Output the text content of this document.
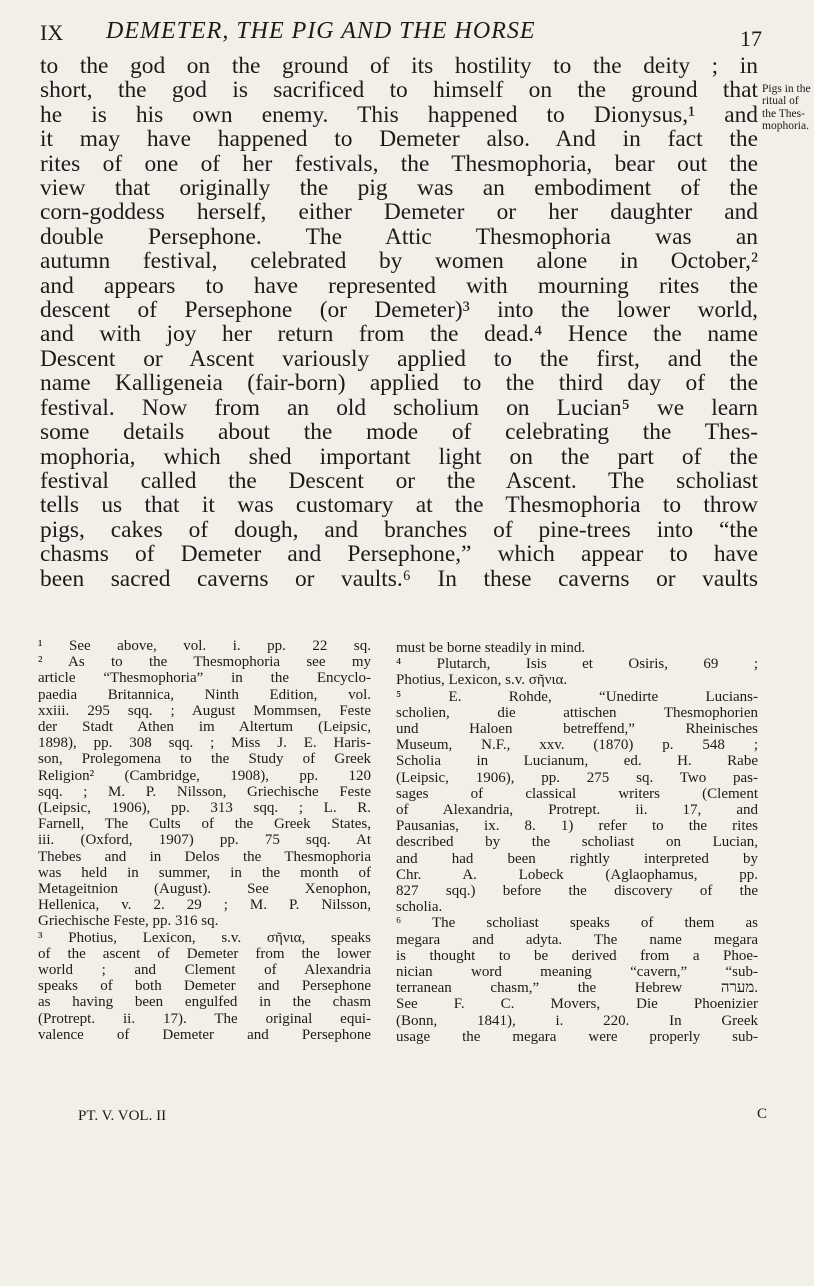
IX DEMETER, THE PIG AND THE HORSE	17
to the god on the ground of its hostility to the deity ; in
short, the god is sacrificed to himself on the ground that
he is his own enemy. This happened to Dionysus,¹ and
it may have happened to Demeter also. And in fact the
rites of one of her festivals, the Thesmophoria, bear out the
view that originally the pig was an embodiment of the
corn-goddess herself, either Demeter or her daughter and
double Persephone. The Attic Thesmophoria was an
autumn festival, celebrated by women alone in October,²
and appears to have represented with mourning rites the
descent of Persephone (or Demeter)³ into the lower world,
and with joy her return from the dead.⁴ Hence the name
Descent or Ascent variously applied to the first, and the
name Kalligeneia (fair-born) applied to the third day of the
festival. Now from an old scholium on Lucian⁵ we learn
some details about the mode of celebrating the Thes-
mophoria, which shed important light on the part of the
festival called the Descent or the Ascent. The scholiast
tells us that it was customary at the Thesmophoria to throw
pigs, cakes of dough, and branches of pine-trees into “the
chasms of Demeter and Persephone,” which appear to have
been sacred caverns or vaults.⁶ In these caverns or vaults
Pigs in the
ritual of
the Thes-
mophoria.
¹ See above, vol. i. pp. 22 sq.
² As to the Thesmophoria see my
article “Thesmophoria” in the Encyclo-
paedia Britannica, Ninth Edition, vol.
xxiii. 295 sqq. ; August Mommsen, Feste
der Stadt Athen im Altertum (Leipsic,
1898), pp. 308 sqq. ; Miss J. E. Haris-
son, Prolegomena to the Study of Greek
Religion² (Cambridge, 1908), pp. 120
sqq. ; M. P. Nilsson, Griechische Feste
(Leipsic, 1906), pp. 313 sqq. ; L. R.
Farnell, The Cults of the Greek States,
iii. (Oxford, 1907) pp. 75 sqq. At
Thebes and in Delos the Thesmophoria
was held in summer, in the month of
Metageitnion (August). See Xenophon,
Hellenica, v. 2. 29 ; M. P. Nilsson,
Griechische Feste, pp. 316 sq.
³ Photius, Lexicon, s.v. σῆνια, speaks
of the ascent of Demeter from the lower
world ; and Clement of Alexandria
speaks of both Demeter and Persephone
as having been engulfed in the chasm
(Protrept. ii. 17). The original equi-
valence of Demeter and Persephone
must be borne steadily in mind.
⁴ Plutarch, Isis et Osiris, 69 ;
Photius, Lexicon, s.v. σῆνια.
⁵ E. Rohde, “Unedirte Lucians-
scholien, die attischen Thesmophorien
und Haloen betreffend,” Rheinisches
Museum, N.F., xxv. (1870) p. 548 ;
Scholia in Lucianum, ed. H. Rabe
(Leipsic, 1906), pp. 275 sq. Two pas-
sages of classical writers (Clement
of Alexandria, Protrept. ii. 17, and
Pausanias, ix. 8. 1) refer to the rites
described by the scholiast on Lucian,
and had been rightly interpreted by
Chr. A. Lobeck (Aglaophamus, pp.
827 sqq.) before the discovery of the
scholia.
⁶ The scholiast speaks of them as
megara and adyta. The name megara
is thought to be derived from a Phoe-
nician word meaning “cavern,” “sub-
terranean chasm,” the Hebrew מערה.
See F. C. Movers, Die Phoenizier
(Bonn, 1841), i. 220. In Greek
usage the megara were properly sub-
PT. V. VOL. II	C
